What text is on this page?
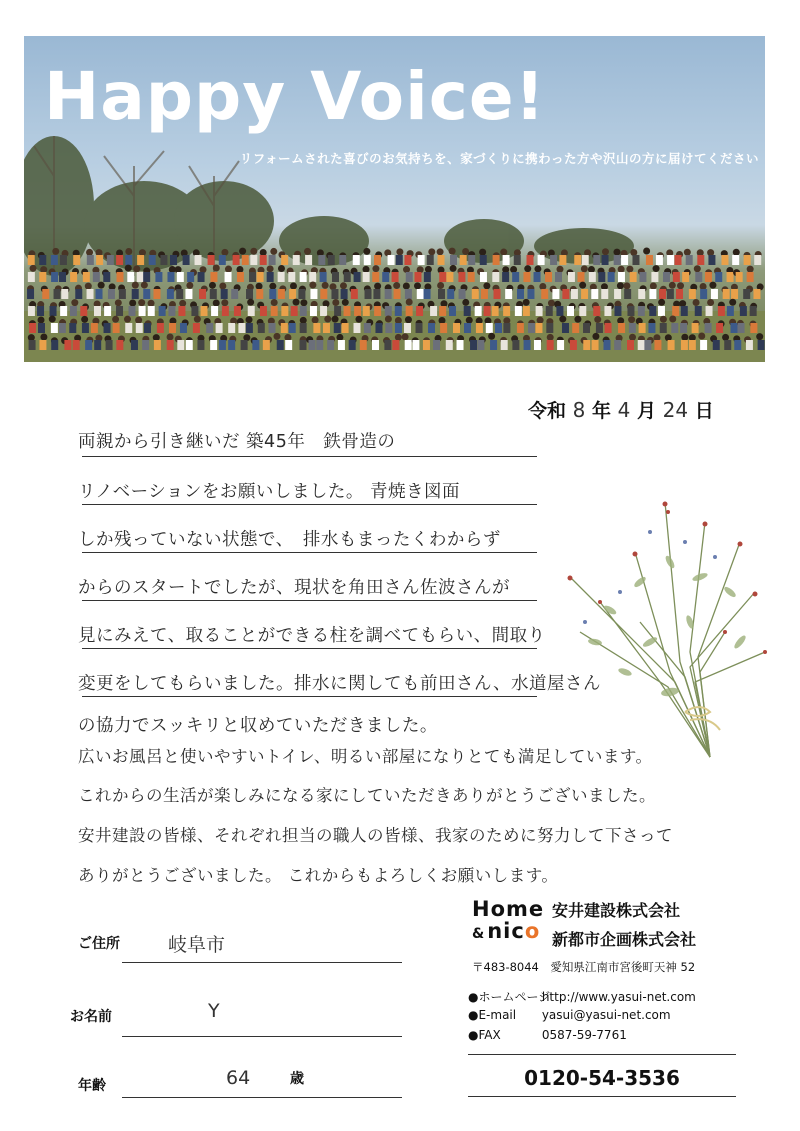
Happy Voice!
リフォームされた喜びのお気持ちを、家づくりに携わった方や沢山の方に届けてください
令和 8 年 4 月 24 日
両親から引き継いだ 築45年　鉄骨造の
リノベーションをお願いしました。 青焼き図面
しか残っていない状態で、　排水もまったくわからず
からのスタートでしたが、現状を角田さん佐波さんが
見にみえて、取ることができる柱を調べてもらい、間取り
変更をしてもらいました。排水に関しても前田さん、水道屋さん
の協力でスッキリと収めていただきました。
広いお風呂と使いやすいトイレ、明るい部屋になりとても満足しています。
これからの生活が楽しみになる家にしていただきありがとうございました。
安井建設の皆様、それぞれ担当の職人の皆様、我家のために努力して下さって
ありがとうございました。 これからもよろしくお願いします。
ご住所	岐阜市
お名前	Y
年齢	64	歳
Home
&nico
安井建設株式会社
新都市企画株式会社
〒483-8044　愛知県江南市宮後町天神 52
●ホームページ http://www.yasui-net.com
●E-mail yasui@yasui-net.com
●FAX	0587-59-7761
0120-54-3536
